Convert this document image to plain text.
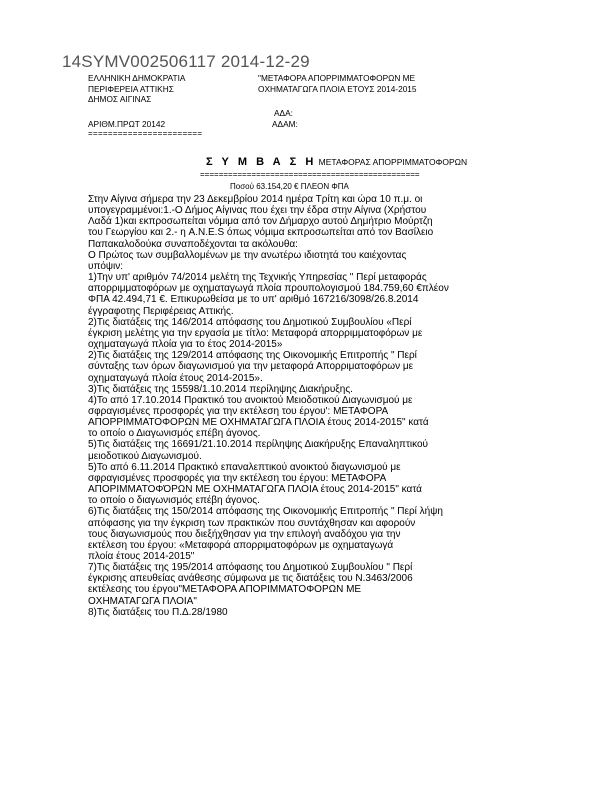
14SYMV002506117 2014-12-29
ΕΛΛΗΝΙΚΗ ΔΗΜΟΚΡΑΤΙΑ
ΠΕΡΙΦΕΡΕΙΑ ΑΤΤΙΚΗΣ
ΔΗΜΟΣ ΑΙΓΙΝΑΣ
"ΜΕΤΑΦΟΡΑ ΑΠΟΡΡΙΜΜΑΤΟΦΟΡΩΝ ΜΕ
ΟΧΗΜΑΤΑΓΩΓΑ ΠΛΟΙΑ ΕΤΟΥΣ 2014-2015
ΑΔΑ:
ΑΔΑΜ:
ΑΡΙΘΜ.ΠΡΩΤ 20142
=======================
Σ Υ Μ Β Α Σ Η ΜΕΤΑΦΟΡΑΣ ΑΠΟΡΡΙΜΜΑΤΟΦΟΡΩΝ
===============================================
Ποσού 63.154,20 € ΠΛΕΟΝ ΦΠΑ

Στην Αίγινα σήμερα την 23 Δεκεμβρίου 2014 ημέρα Τρίτη και ώρα 10 π.μ. οι

υπογεγραμμένοι:1.-Ο Δήμος Αίγινας που έχει την έδρα στην Αίγινα (Χρήστου

Λαδά 1)και εκπροσωπείται νόμιμα από τον Δήμαρχο αυτού Δημήτριο Μούρτζη

του Γεωργίου και 2.- η A.N.E.S όπως νόμιμα εκπροσωπείται από τον Βασίλειο

Παπακαλοδούκα συναποδέχονται τα ακόλουθα:

Ο Πρώτος των συμβαλλομένων με την ανωτέρω ιδιοτητά του καιέχοντας

υπόψιν:

1)Την υπ' αριθμόν 74/2014 μελέτη της Τεχνικής Υπηρεσίας " Περί μεταφοράς

απορριμματοφόρων με οχηματαγωγά πλοία προυπολογισμού 184.759,60 €πλέον

ΦΠΑ 42.494,71 €. Επικυρωθείσα με το υπ' αριθμό 167216/3098/26.8.2014

έγγραφοτης Περιφέρειας Αττικής.

2)Τις διατάξεις της 146/2014 απόφασης του Δημοτικού Συμβουλίου «Περί

έγκριση μελέτης για την εργασία με τίτλο: Μεταφορά απορριμματοφόρων με

οχηματαγωγά πλοία για το έτος 2014-2015»

2)Τις διατάξεις της 129/2014 απόφασης της Οικονομικής Επιτροπής " Περί

σύνταξης των όρων διαγωνισμού για την μεταφορά Απορριματοφόρων με

οχηματαγωγά πλοία έτους 2014-2015».

3)Τις διατάξεις της 15598/1.10.2014 περίληψης Διακήρυξης.

4)Το από 17.10.2014 Πρακτικό του ανοικτού Μειοδοτικού Διαγωνισμού με

σφραγισμένες προσφορές για την εκτέλεση του έργου': ΜΕΤΑΦΟΡΑ

ΑΠΟΡΡΙΜΜΑΤΟΦΟΡΩΝ ΜΕ ΟΧΗΜΑΤΑΓΩΓΑ ΠΛΟΙΑ έτους 2014-2015" κατά

το οποίο ο Διαγωνισμός επέβη άγονος.

5)Τις διατάξεις της 16691/21.10.2014 περίληψης Διακήρυξης Επαναληπτικού

μειοδοτικού Διαγωνισμού.

5)Το από 6.11.2014 Πρακτικό επαναλεπτικού ανοικτού διαγωνισμού με

σφραγισμένες προσφορές για την εκτέλεση του έργου: ΜΕΤΑΦΟΡΑ

ΑΠΟΡΙΜΜΑΤΟΦΌΡΩΝ ΜΕ ΟΧΗΜΑΤΑΓΩΓΑ ΠΛΟΙΑ έτους 2014-2015" κατά

το οποίο ο διαγωνισμός επέβη άγονος.

6)Τις διατάξεις της 150/2014 απόφασης της Οικονομικής Επιτροπής " Περί λήψη

απόφασης για την έγκριση των πρακτικών που συντάχθησαν και αφορούν

τους διαγωνισμούς που διεξήχθησαν για την επιλογή αναδόχου για την

εκτέλεση του έργου: «Μεταφορά απορριματοφόρων με οχηματαγωγά

πλοία έτους 2014-2015"

7)Τις διατάξεις της 195/2014 απόφασης του Δημοτικού Συμβουλίου " Περί

έγκρισης απευθείας ανάθεσης σύμφωνα με τις διατάξεις του Ν.3463/2006

εκτέλεσης του έργου"ΜΕΤΑΦΟΡΑ ΑΠΟΡΙΜΜΑΤΟΦΟΡΩΝ ΜΕ

ΟΧΗΜΑΤΑΓΩΓΑ ΠΛΟΙΑ"

8)Τις διατάξεις του Π.Δ.28/1980
